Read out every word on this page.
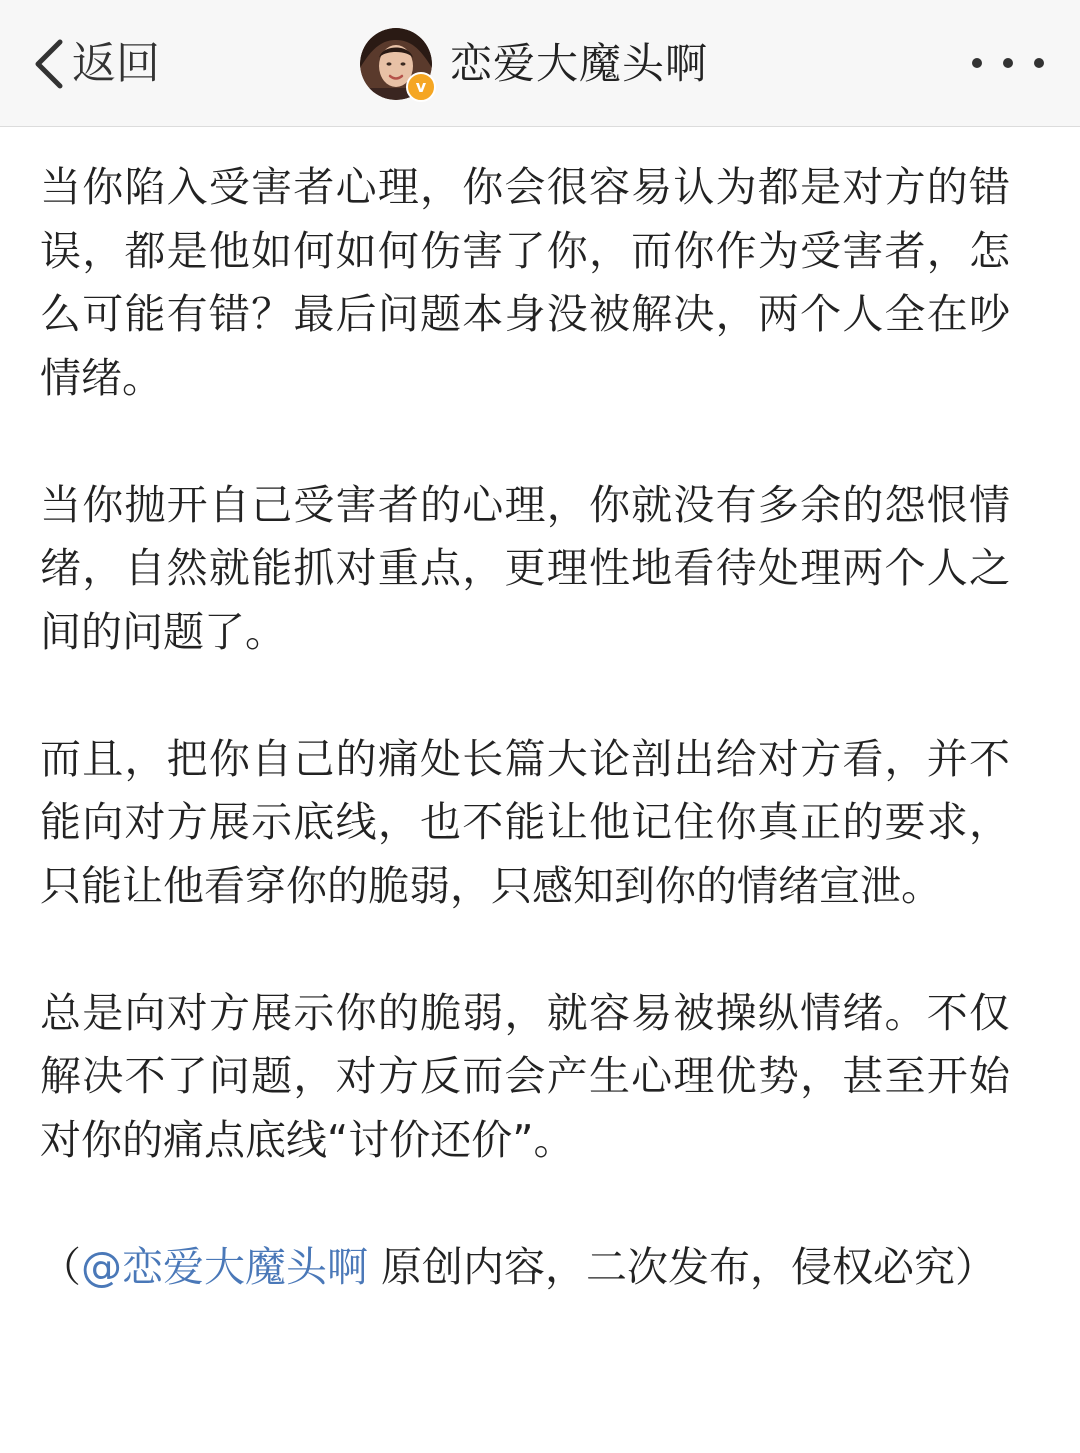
返回	v 恋爱大魔头啊

当你陷入受害者心理，你会很容易认为都是对方的错误，都是他如何如何伤害了你，而你作为受害者，怎么可能有错？最后问题本身没被解决，两个人全在吵情绪。

当你抛开自己受害者的心理，你就没有多余的怨恨情绪，自然就能抓对重点，更理性地看待处理两个人之间的问题了。

而且，把你自己的痛处长篇大论剖出给对方看，并不能向对方展示底线，也不能让他记住你真正的要求，只能让他看穿你的脆弱，只感知到你的情绪宣泄。

总是向对方展示你的脆弱，就容易被操纵情绪。不仅解决不了问题，对方反而会产生心理优势，甚至开始对你的痛点底线“讨价还价”。

（@恋爱大魔头啊 原创内容，二次发布，侵权必究）
